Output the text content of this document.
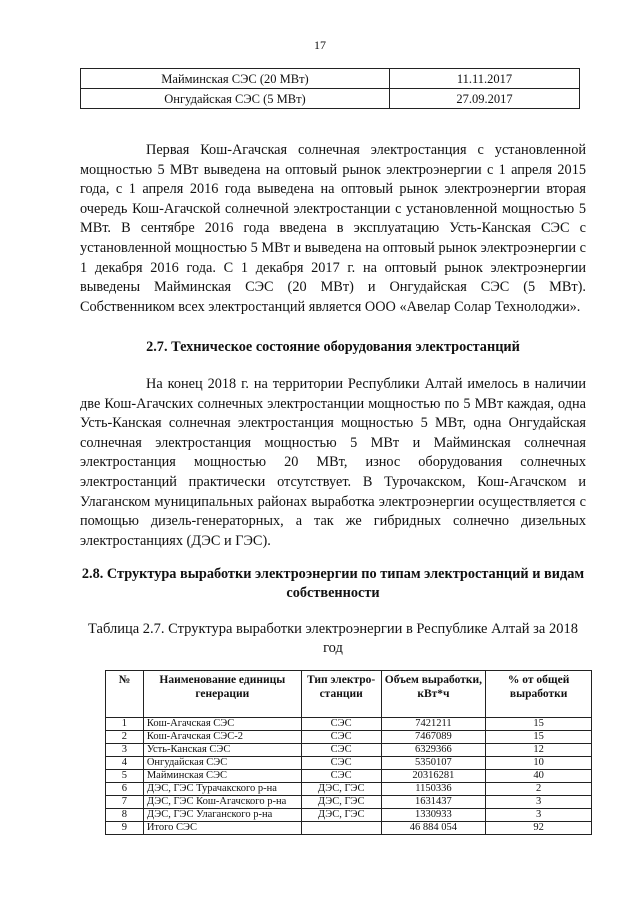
17
Майминская СЭС (20 МВт)	11.11.2017
Онгудайская СЭС (5 МВт)	27.09.2017

Первая Кош-Агачская солнечная электростанция с установленной мощностью 5 МВт выведена на оптовый рынок электроэнергии с 1 апреля 2015 года, с 1 апреля 2016 года выведена на оптовый рынок электроэнергии вторая очередь Кош-Агачской солнечной электростанции с установленной мощностью 5 МВт. В сентябре 2016 года введена в эксплуатацию Усть-Канская СЭС с установленной мощностью 5 МВт и выведена на оптовый рынок электроэнергии с 1 декабря 2016 года. С 1 декабря 2017 г. на оптовый рынок электроэнергии выведены Майминская СЭС (20 МВт) и Онгудайская СЭС (5 МВт). Собственником всех электростанций является ООО «Авелар Солар Технолоджи».

2.7. Техническое состояние оборудования электростанций

На конец 2018 г. на территории Республики Алтай имелось в наличии две Кош-Агачских солнечных электростанции мощностью по 5 МВт каждая, одна Усть-Канская солнечная электростанция мощностью 5 МВт, одна Онгудайская солнечная электростанция мощностью 5 МВт и Майминская солнечная электростанция мощностью 20 МВт, износ оборудования солнечных электростанций практически отсутствует. В Турочакском, Кош-Агачском и Улаганском муниципальных районах выработка электроэнергии осуществляется с помощью дизель-генераторных, а так же гибридных солнечно дизельных электростанциях (ДЭС и ГЭС).

2.8. Структура выработки электроэнергии по типам электростанций и видам собственности

Таблица 2.7. Структура выработки электроэнергии в Республике Алтай за 2018 год

№	Наименование единицы генерации	Тип электро-станции	Объем выработки, кВт*ч	% от общей выработки
1	Кош-Агачская СЭС	СЭС	7421211	15
2	Кош-Агачская СЭС-2	СЭС	7467089	15
3	Усть-Канская СЭС	СЭС	6329366	12
4	Онгудайская СЭС	СЭС	5350107	10
5	Майминская СЭС	СЭС	20316281	40
6	ДЭС, ГЭС Турачакского р-на	ДЭС, ГЭС	1150336	2
7	ДЭС, ГЭС Кош-Агачского р-на	ДЭС, ГЭС	1631437	3
8	ДЭС, ГЭС Улаганского р-на	ДЭС, ГЭС	1330933	3
9	Итого СЭС		46 884 054	92
